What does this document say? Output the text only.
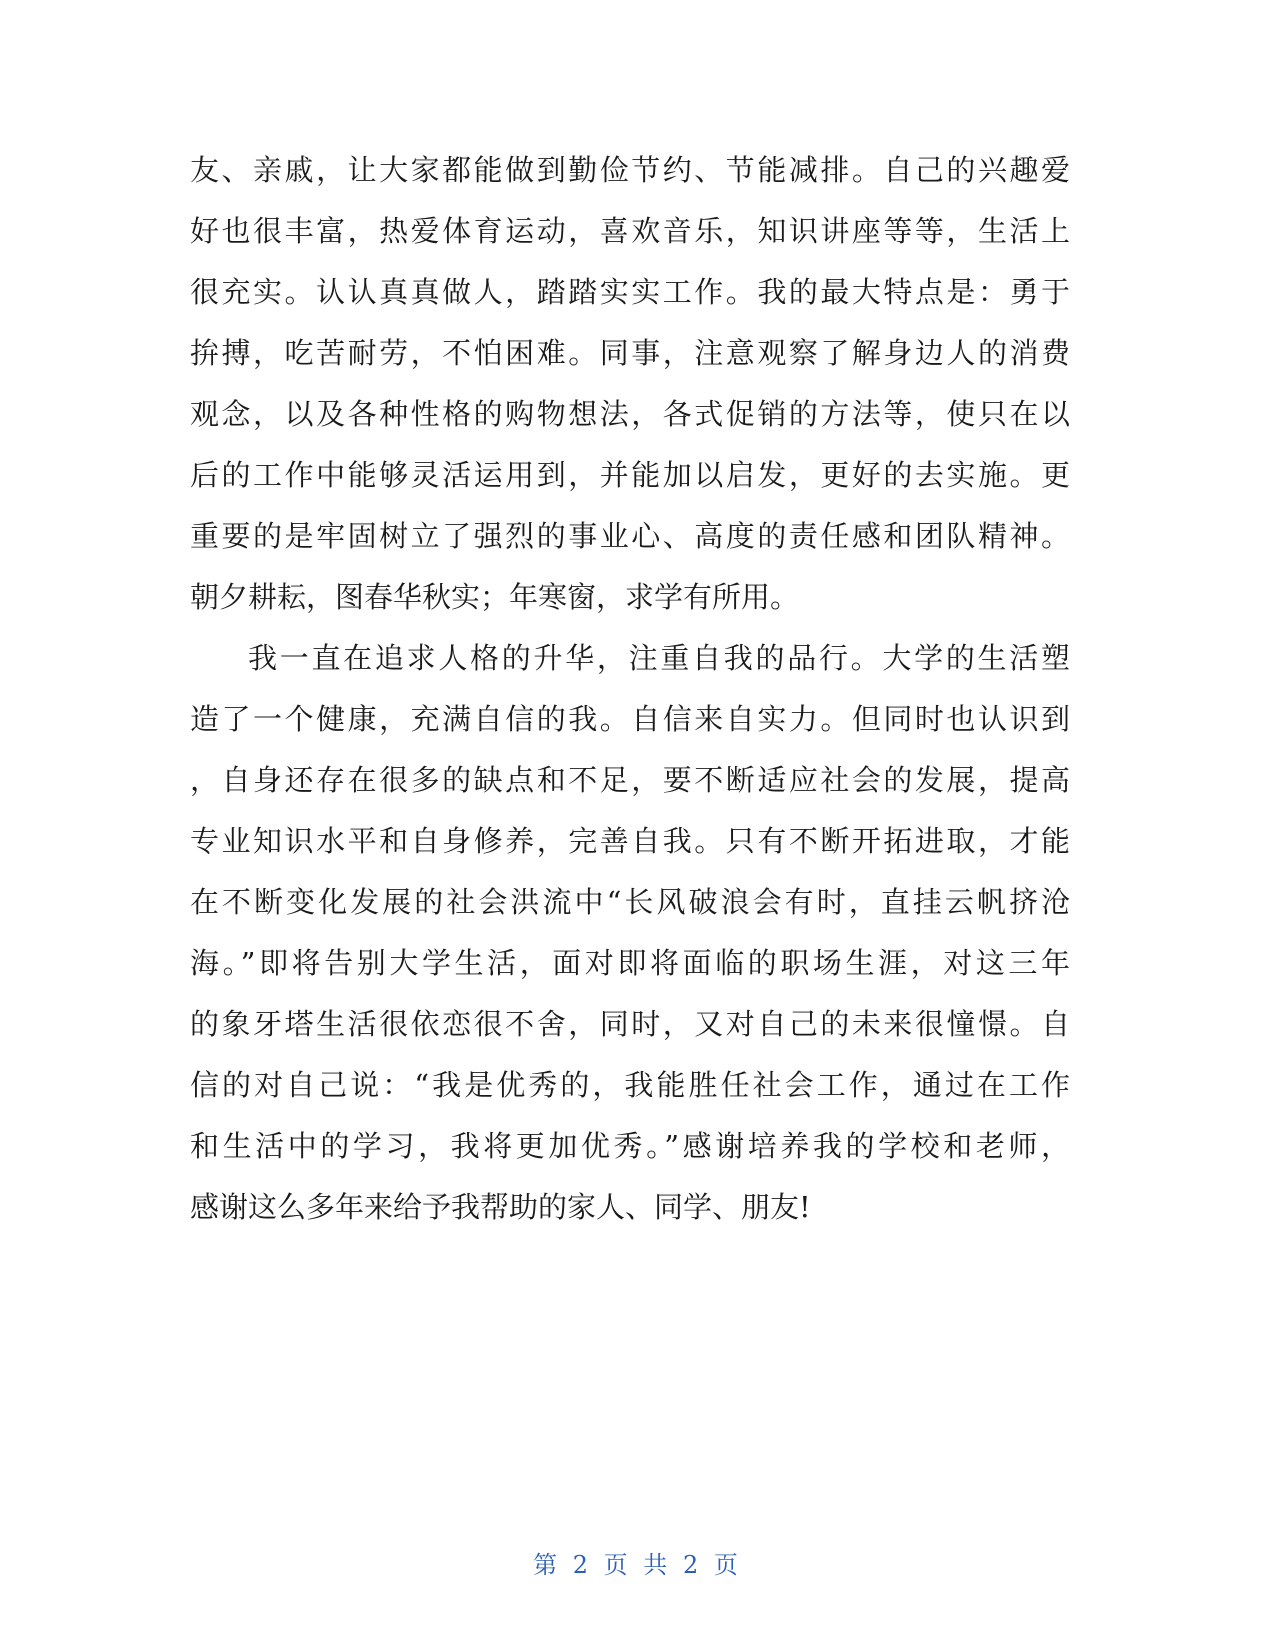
友、亲戚，让大家都能做到勤俭节约、节能减排。自己的兴趣爱
好也很丰富，热爱体育运动，喜欢音乐，知识讲座等等，生活上
很充实。认认真真做人，踏踏实实工作。我的最大特点是：勇于
拚搏，吃苦耐劳，不怕困难。同事，注意观察了解身边人的消费
观念，以及各种性格的购物想法，各式促销的方法等，使只在以
后的工作中能够灵活运用到，并能加以启发，更好的去实施。更
重要的是牢固树立了强烈的事业心、高度的责任感和团队精神。
朝夕耕耘，图春华秋实；年寒窗，求学有所用。
我一直在追求人格的升华，注重自我的品行。大学的生活塑
造了一个健康，充满自信的我。自信来自实力。但同时也认识到
，自身还存在很多的缺点和不足，要不断适应社会的发展，提高
专业知识水平和自身修养，完善自我。只有不断开拓进取，才能
在不断变化发展的社会洪流中“长风破浪会有时，直挂云帆挤沧
海。”即将告别大学生活，面对即将面临的职场生涯，对这三年
的象牙塔生活很依恋很不舍，同时，又对自己的未来很憧憬。自
信的对自己说：“我是优秀的，我能胜任社会工作，通过在工作
和生活中的学习，我将更加优秀。”感谢培养我的学校和老师，
感谢这么多年来给予我帮助的家人、同学、朋友!
第 2 页 共 2 页
